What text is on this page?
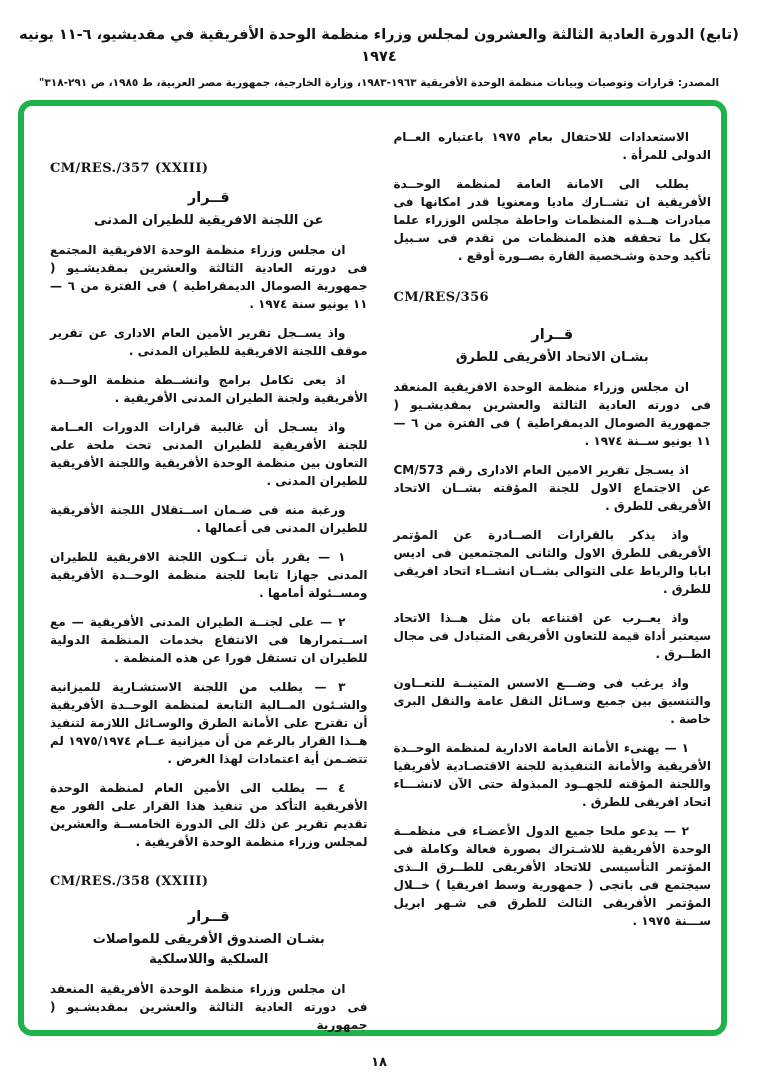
(تابع) الدورة العادية الثالثة والعشرون لمجلس وزراء منظمة الوحدة الأفريقية في مقديشيو، ٦-١١ يونيه ١٩٧٤
المصدر: قرارات وتوصيات وبيانات منظمة الوحدة الأفريقية ١٩٦٣-١٩٨٣، وزارة الخارجية، جمهورية مصر العربية، ط ١٩٨٥، ص ٢٩١-٣١٨"

الاستعدادات للاحتفال بعام ١٩٧٥ باعتباره العــام الدولى للمرأة .

يطلب الى الامانة العامة لمنظمة الوحــدة الأفريقية ان تشــارك ماديا ومعنويا قدر امكانها فى مبادرات هــذه المنظمات واحاطة مجلس الوزراء علما بكل ما تحققه هذه المنظمات من تقدم فى سـبيل تأكيد وحدة وشـخصية القارة بصــورة أوقع .

CM/RES/356
قــرار
بشـان الاتحاد الأفريقى للطرق

ان مجلس وزراء منظمة الوحدة الافريقية المنعقد فى دورته العادية الثالثة والعشرين بمقديشـيو ( جمهورية الصومال الديمقراطية ) فى الفترة من ٦ — ١١ يونيو ســنة ١٩٧٤ .

اذ يسـجل تقرير الامين العام الادارى رقم CM/573 عن الاجتماع الاول للجنة المؤقته بشــان الاتحاد الأفريقى للطرق .

واذ يذكر بالقرارات الصــادرة عن المؤتمر الأفريقى للطرق الاول والثانى المجتمعين فى اديس ابابا والرباط على التوالى بشــان انشــاء اتحاد افريقى للطرق .

واذ يعــرب عن اقتناعه بان مثل هــذا الاتحاد سيعتبر أداة قيمة للتعاون الأفريقى المتبادل فى مجال الطــرق .

واذ يرغب فى وضـــع الاسس المتينــة للتعــاون والتنسيق بين جميع وسـائل النقل عامة والنقل البرى خاصة .

١ — يهنىء الأمانة العامة الادارية لمنظمة الوحــدة الأفريقية والأمانة التنفيذية للجنة الاقتصـادية لأفريقيا واللجنة المؤقته للجهــود المبذولة حتى الآن لانشـــاء اتحاد افريقى للطرق .

٢ — يدعو ملحا جميع الدول الأعضـاء فى منظمــة الوحدة الأفريقية للاشـتراك بصورة فعالة وكاملة فى المؤتمر التأسيسى للاتحاد الأفريقى للطــرق الــذى سيجتمع فى بانجى ( جمهورية وسط افريقيا ) خــلال المؤتمر الأفريقى الثالث للطرق فى شـهر ابريل ســـنة ١٩٧٥ .

CM/RES./357 (XXIII)
قــرار
عن اللجنة الافريقية للطيران المدنى

ان مجلس وزراء منظمة الوحدة الافريقية المجتمع فى دورته العادية الثالثة والعشرين بمقديشـيو ( جمهورية الصومال الديمقراطية ) فى الفترة من ٦ — ١١ يونيو سنة ١٩٧٤ .

واذ يســجل تقرير الأمين العام الادارى عن تقرير موقف اللجنة الافريقية للطيران المدنى .

اذ يعى تكامل برامج وانشــطة منظمة الوحــدة الأفريقية ولجنة الطيران المدنى الأفريقية .

واذ يسـجل أن غالبية قرارات الدورات العــامة للجنة الأفريقية للطيران المدنى تحث ملحة على التعاون بين منظمة الوحدة الأفريقية واللجنة الأفريقية للطيران المدنى .

ورغبة منه فى ضـمان اســتقلال اللجنة الأفريقية للطيران المدنى فى أعمالها .

١ — يقرر بأن تــكون اللجنة الافريقية للطيران المدنى جهازا تابعا للجنة منظمة الوحــدة الأفريقية ومســئولة أمامها .

٢ — على لجنــة الطيران المدنى الأفريقية — مع اســتمرارها فى الانتفاع بخدمات المنظمة الدولية للطيران ان تستقل فورا عن هذه المنظمة .

٣ — يطلب من اللجنة الاستشـارية للميزانية والشـئون المــالية التابعة لمنظمة الوحــدة الأفريقية أن تقترح على الأمانة الطرق والوسـائل اللازمة لتنفيذ هــذا القرار بالرغم من أن ميزانية عــام ١٩٧٥/١٩٧٤ لم تتضـمن أية اعتمادات لهذا الغرض .

٤ — يطلب الى الأمين العام لمنظمة الوحدة الأفريقية التأكد من تنفيذ هذا القرار على الفور مع تقديم تقرير عن ذلك الى الدورة الخامســة والعشرين لمجلس وزراء منظمة الوحدة الأفريقية .

CM/RES./358 (XXIII)
قــرار
بشـان الصندوق الأفريقى للمواصلات
السلكية واللاسلكية

ان مجلس وزراء منظمة الوحدة الأفريقية المنعقد فى دورته العادية الثالثة والعشرين بمقديشـيو ( جمهورية

١٨
